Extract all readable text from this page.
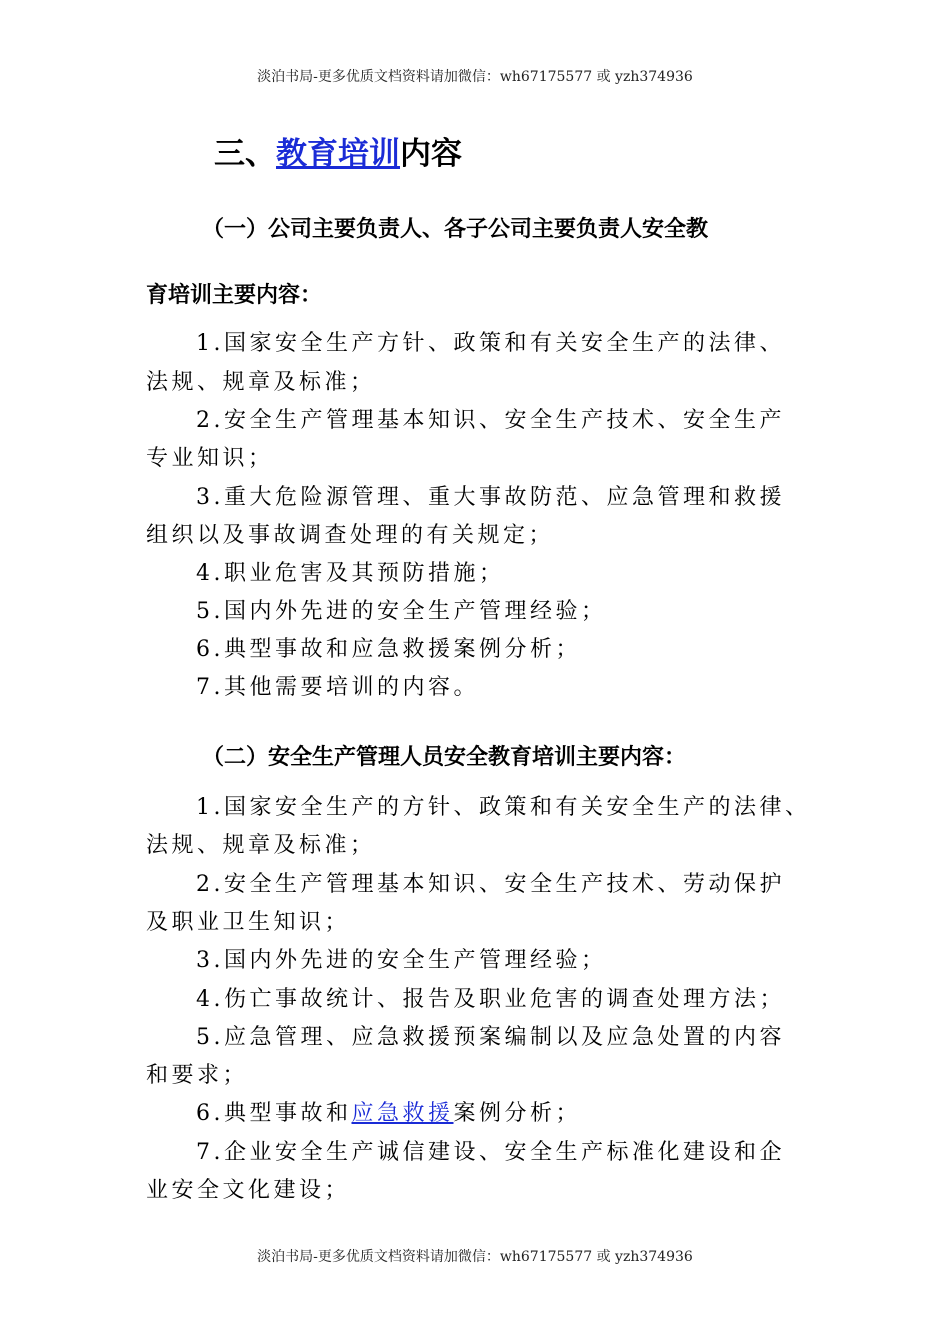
淡泊书局-更多优质文档资料请加微信：wh67175577 或 yzh374936
三、教育培训内容
（一）公司主要负责人、各子公司主要负责人安全教
育培训主要内容：
1.国家安全生产方针、政策和有关安全生产的法律、
法规、规章及标准；
2.安全生产管理基本知识、安全生产技术、安全生产
专业知识；
3.重大危险源管理、重大事故防范、应急管理和救援
组织以及事故调查处理的有关规定；
4.职业危害及其预防措施；
5.国内外先进的安全生产管理经验；
6.典型事故和应急救援案例分析；
7.其他需要培训的内容。
（二）安全生产管理人员安全教育培训主要内容：
1.国家安全生产的方针、政策和有关安全生产的法律、
法规、规章及标准；
2.安全生产管理基本知识、安全生产技术、劳动保护
及职业卫生知识；
3.国内外先进的安全生产管理经验；
4.伤亡事故统计、报告及职业危害的调查处理方法；
5.应急管理、应急救援预案编制以及应急处置的内容
和要求；
6.典型事故和应急救援案例分析；
7.企业安全生产诚信建设、安全生产标准化建设和企
业安全文化建设；
淡泊书局-更多优质文档资料请加微信：wh67175577 或 yzh374936
